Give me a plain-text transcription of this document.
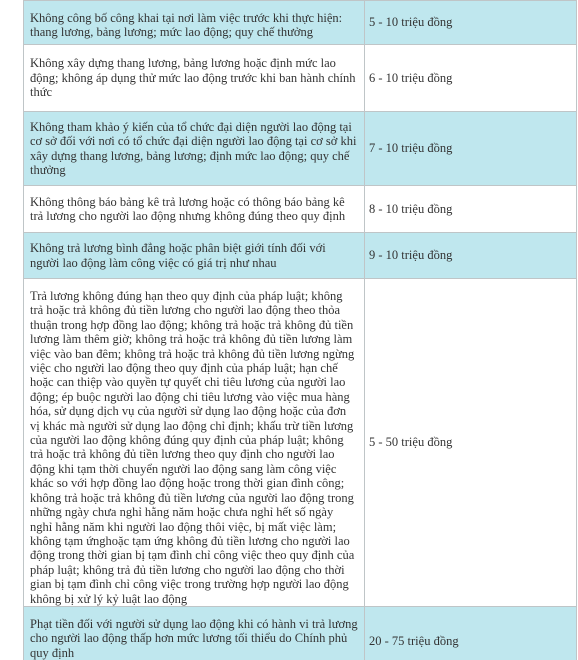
Không công bố công khai tại nơi làm việc trước khi thực hiện: thang lương, bảng lương; mức lao động; quy chế thưởng	5 - 10 triệu đồng
Không xây dựng thang lương, bảng lương hoặc định mức lao động; không áp dụng thử mức lao động trước khi ban hành chính thức	6 - 10 triệu đồng
Không tham khảo ý kiến của tổ chức đại diện người lao động tại cơ sở đối với nơi có tổ chức đại diện người lao động tại cơ sở khi xây dựng thang lương, bảng lương; định mức lao động; quy chế thưởng	7 - 10 triệu đồng
Không thông báo bảng kê trả lương hoặc có thông báo bảng kê trả lương cho người lao động nhưng không đúng theo quy định	8 - 10 triệu đồng
Không trả lương bình đẳng hoặc phân biệt giới tính đối với người lao động làm công việc có giá trị như nhau	9 - 10 triệu đồng
Trả lương không đúng hạn theo quy định của pháp luật; không trả hoặc trả không đủ tiền lương cho người lao động theo thỏa thuận trong hợp đồng lao động; không trả hoặc trả không đủ tiền lương làm thêm giờ; không trả hoặc trả không đủ tiền lương làm việc vào ban đêm; không trả hoặc trả không đủ tiền lương ngừng việc cho người lao động theo quy định của pháp luật; hạn chế hoặc can thiệp vào quyền tự quyết chi tiêu lương của người lao động; ép buộc người lao động chi tiêu lương vào việc mua hàng hóa, sử dụng dịch vụ của người sử dụng lao động hoặc của đơn vị khác mà người sử dụng lao động chỉ định; khấu trừ tiền lương của người lao động không đúng quy định của pháp luật; không trả hoặc trả không đủ tiền lương theo quy định cho người lao động khi tạm thời chuyển người lao động sang làm công việc khác so với hợp đồng lao động hoặc trong thời gian đình công; không trả hoặc trả không đủ tiền lương của người lao động trong những ngày chưa nghỉ hằng năm hoặc chưa nghỉ hết số ngày nghỉ hằng năm khi người lao động thôi việc, bị mất việc làm; không tạm ứnghoặc tạm ứng không đủ tiền lương cho người lao động trong thời gian bị tạm đình chỉ công việc theo quy định của pháp luật; không trả đủ tiền lương cho người lao động cho thời gian bị tạm đình chỉ công việc trong trường hợp người lao động không bị xử lý kỷ luật lao động	5 - 50 triệu đồng
Phạt tiền đối với người sử dụng lao động khi có hành vi trả lương cho người lao động thấp hơn mức lương tối thiểu do Chính phủ quy định	20 - 75 triệu đồng
